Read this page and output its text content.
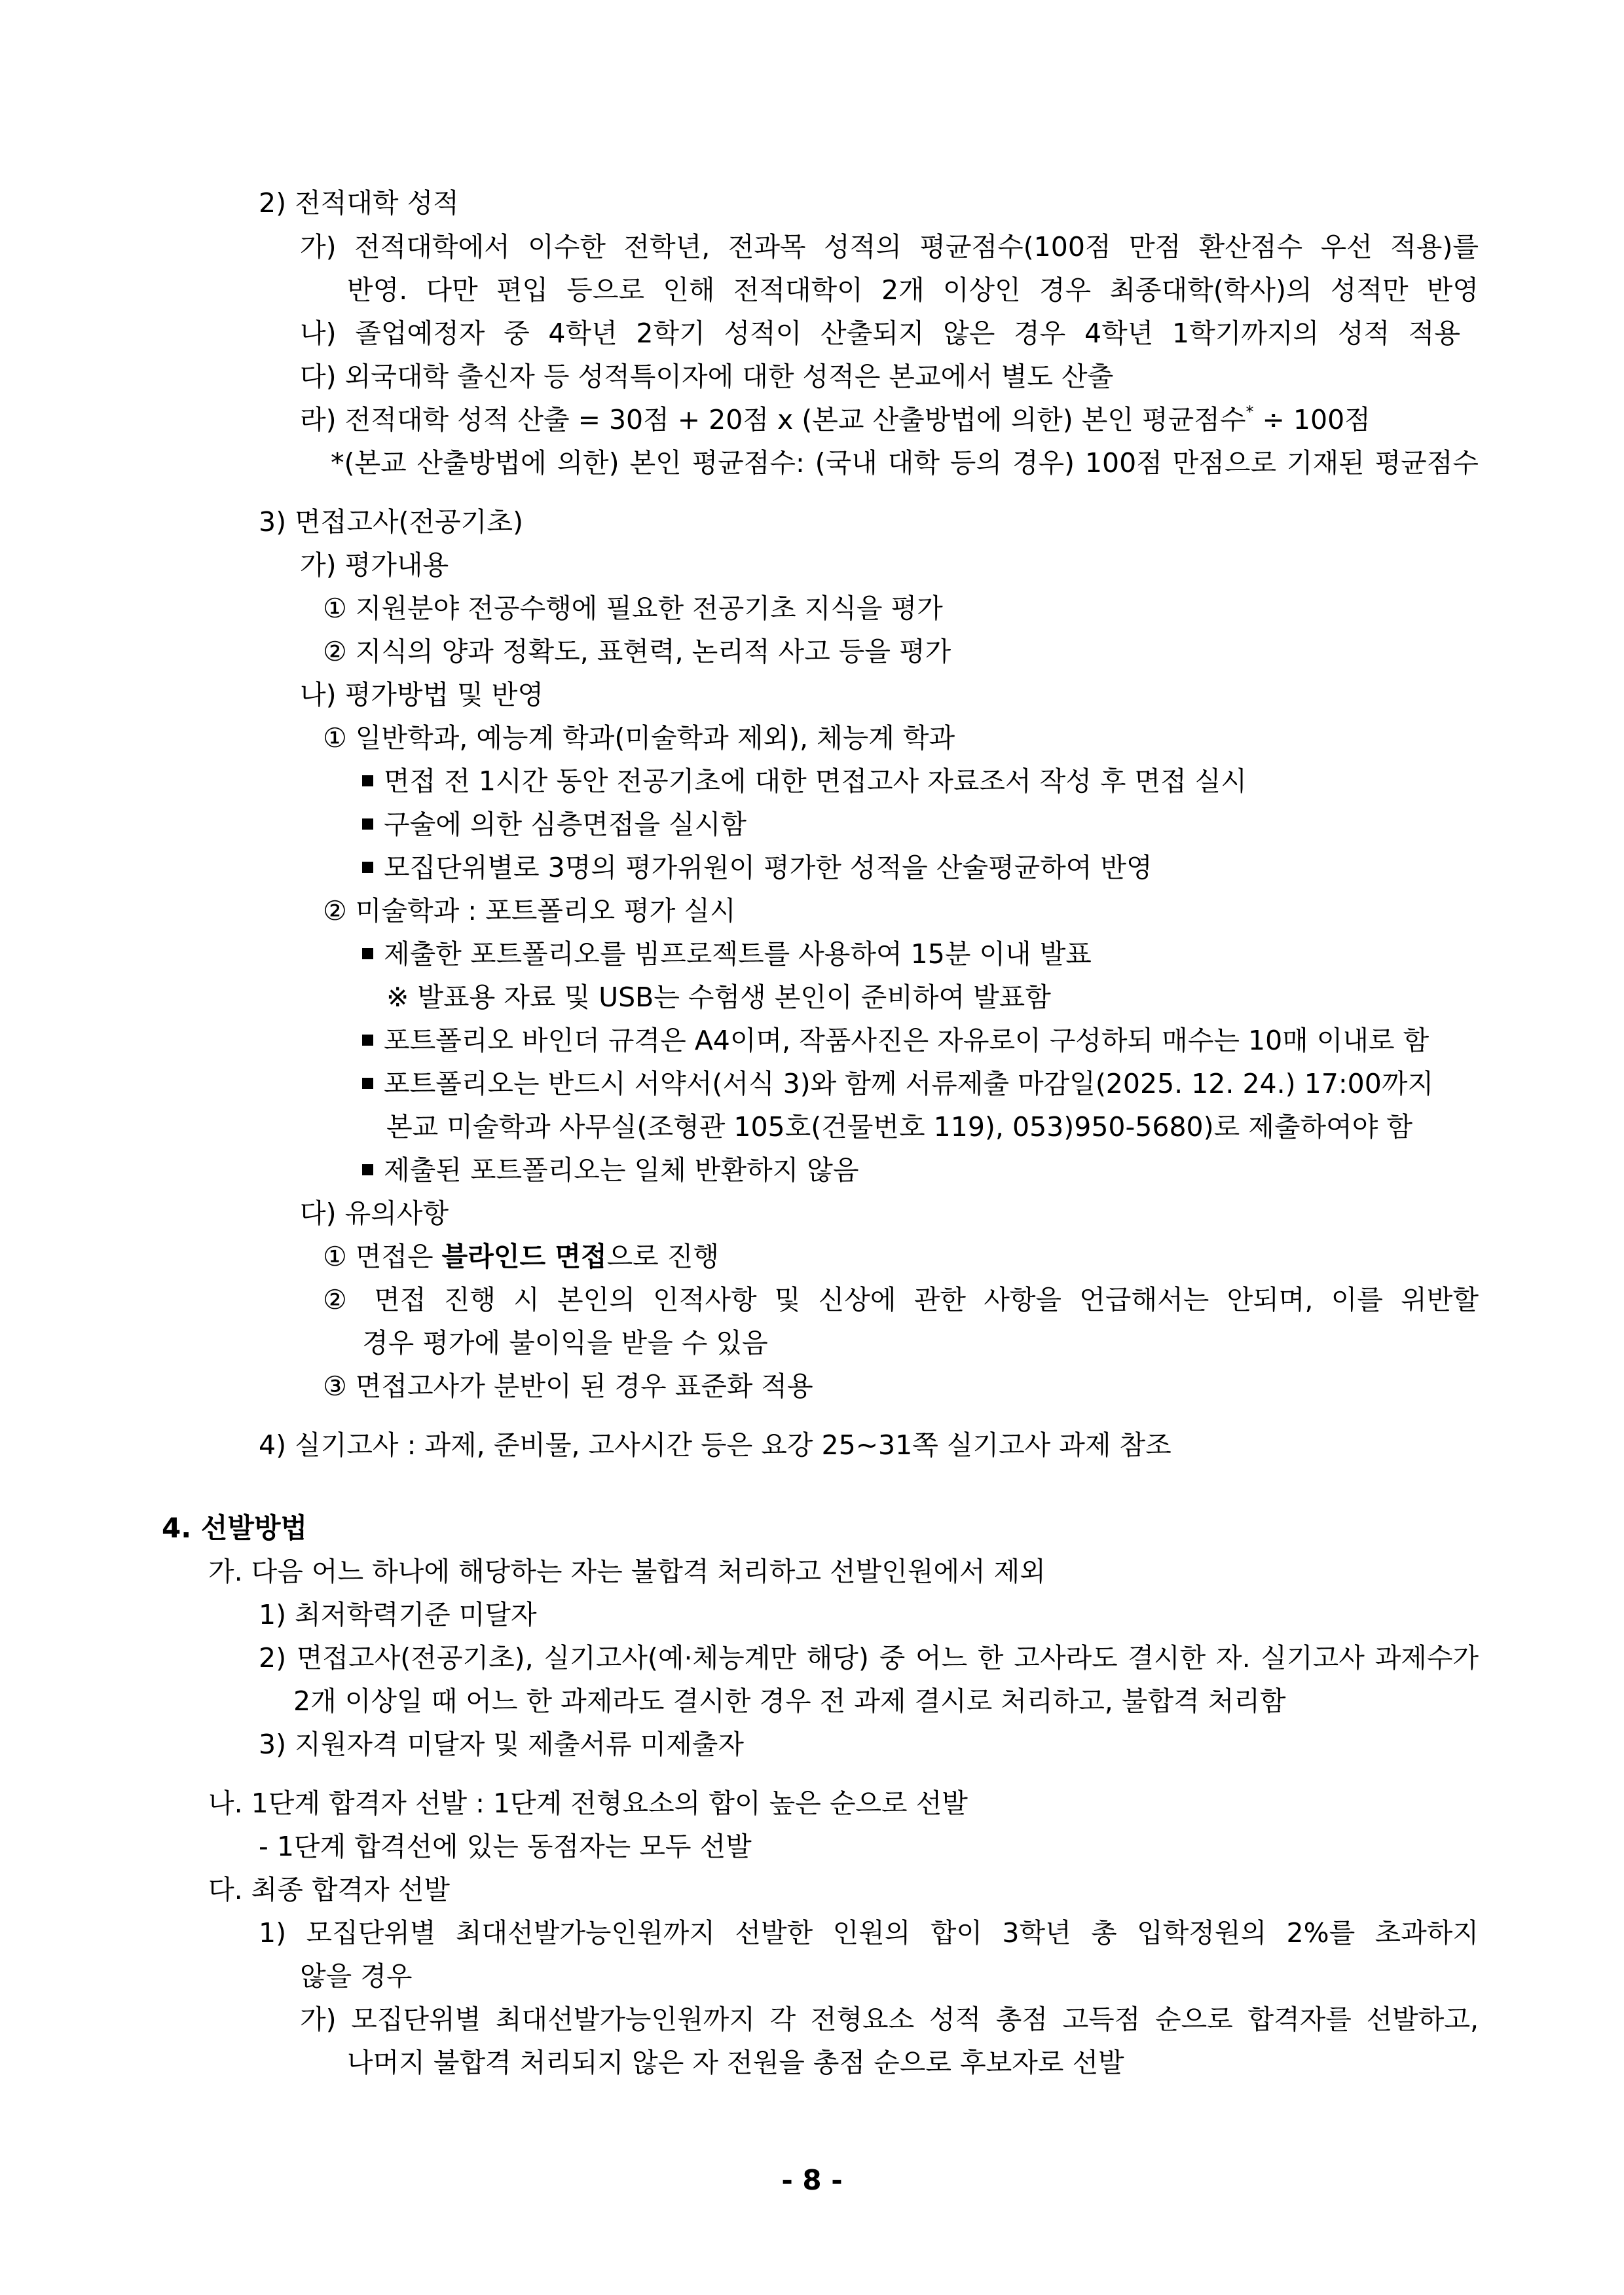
2) 전적대학 성적
가) 전적대학에서 이수한 전학년, 전과목 성적의 평균점수(100점 만점 환산점수 우선 적용)를
반영. 다만 편입 등으로 인해 전적대학이 2개 이상인 경우 최종대학(학사)의 성적만 반영
나) 졸업예정자 중 4학년 2학기 성적이 산출되지 않은 경우 4학년 1학기까지의 성적 적용
다) 외국대학 출신자 등 성적특이자에 대한 성적은 본교에서 별도 산출
라) 전적대학 성적 산출 = 30점 + 20점 x (본교 산출방법에 의한) 본인 평균점수* ÷ 100점
*(본교 산출방법에 의한) 본인 평균점수: (국내 대학 등의 경우) 100점 만점으로 기재된 평균점수
3) 면접고사(전공기초)
가) 평가내용
① 지원분야 전공수행에 필요한 전공기초 지식을 평가
② 지식의 양과 정확도, 표현력, 논리적 사고 등을 평가
나) 평가방법 및 반영
① 일반학과, 예능계 학과(미술학과 제외), 체능계 학과
면접 전 1시간 동안 전공기초에 대한 면접고사 자료조서 작성 후 면접 실시
구술에 의한 심층면접을 실시함
모집단위별로 3명의 평가위원이 평가한 성적을 산술평균하여 반영
② 미술학과 : 포트폴리오 평가 실시
제출한 포트폴리오를 빔프로젝트를 사용하여 15분 이내 발표
※ 발표용 자료 및 USB는 수험생 본인이 준비하여 발표함
포트폴리오 바인더 규격은 A4이며, 작품사진은 자유로이 구성하되 매수는 10매 이내로 함
포트폴리오는 반드시 서약서(서식 3)와 함께 서류제출 마감일(2025. 12. 24.) 17:00까지
본교 미술학과 사무실(조형관 105호(건물번호 119), 053)950-5680)로 제출하여야 함
제출된 포트폴리오는 일체 반환하지 않음
다) 유의사항
① 면접은 블라인드 면접으로 진행
② 면접 진행 시 본인의 인적사항 및 신상에 관한 사항을 언급해서는 안되며, 이를 위반할
경우 평가에 불이익을 받을 수 있음
③ 면접고사가 분반이 된 경우 표준화 적용
4) 실기고사 : 과제, 준비물, 고사시간 등은 요강 25~31쪽 실기고사 과제 참조
4. 선발방법
가. 다음 어느 하나에 해당하는 자는 불합격 처리하고 선발인원에서 제외
1) 최저학력기준 미달자
2) 면접고사(전공기초), 실기고사(예·체능계만 해당) 중 어느 한 고사라도 결시한 자. 실기고사 과제수가
2개 이상일 때 어느 한 과제라도 결시한 경우 전 과제 결시로 처리하고, 불합격 처리함
3) 지원자격 미달자 및 제출서류 미제출자
나. 1단계 합격자 선발 : 1단계 전형요소의 합이 높은 순으로 선발
- 1단계 합격선에 있는 동점자는 모두 선발
다. 최종 합격자 선발
1) 모집단위별 최대선발가능인원까지 선발한 인원의 합이 3학년 총 입학정원의 2%를 초과하지
않을 경우
가) 모집단위별 최대선발가능인원까지 각 전형요소 성적 총점 고득점 순으로 합격자를 선발하고,
나머지 불합격 처리되지 않은 자 전원을 총점 순으로 후보자로 선발
- 8 -
